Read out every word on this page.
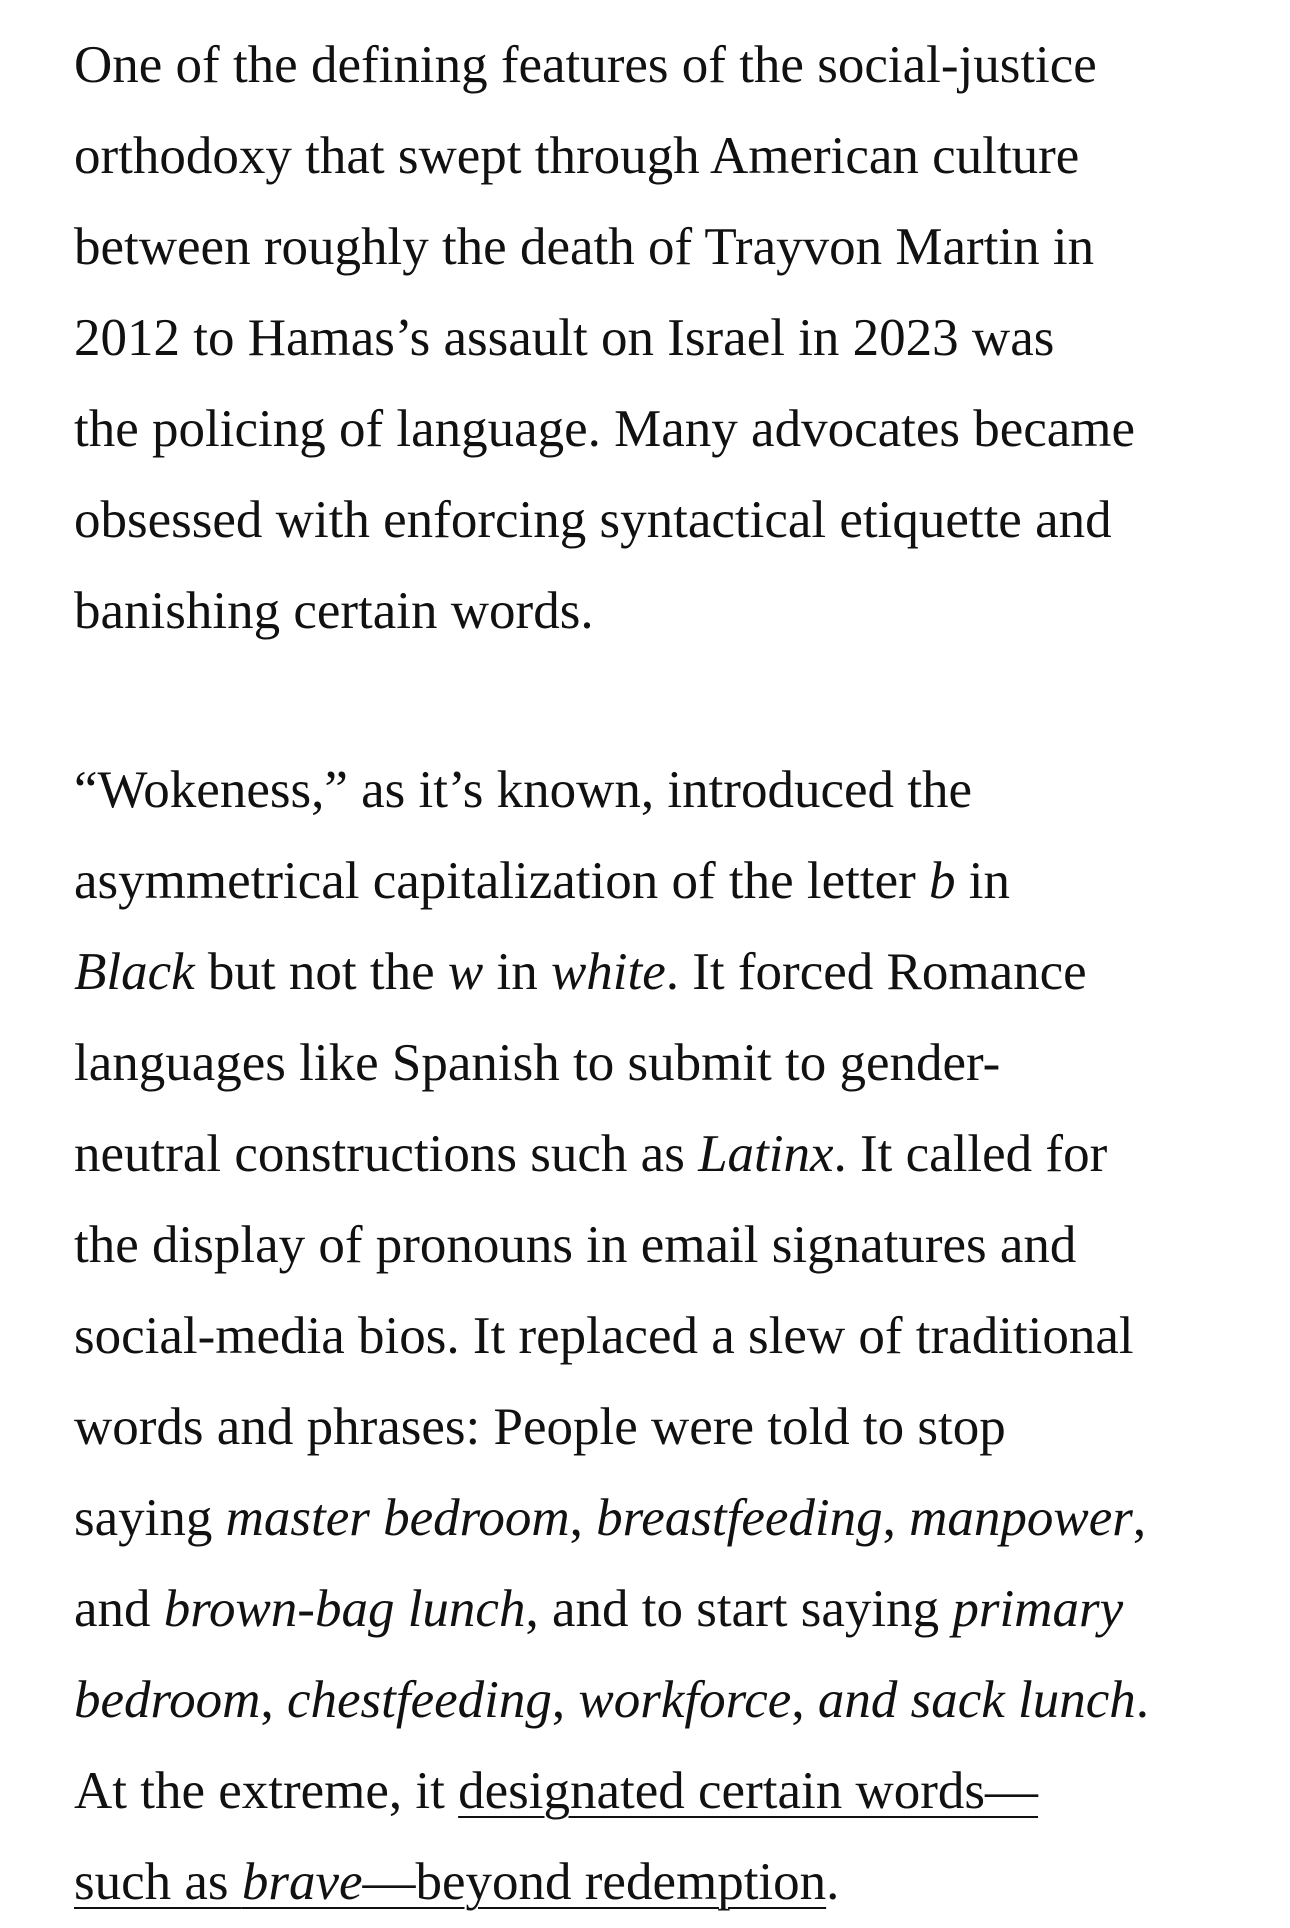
One of the defining features of the social-justice
orthodoxy that swept through American culture
between roughly the death of Trayvon Martin in
2012 to Hamas’s assault on Israel in 2023 was
the policing of language. Many advocates became
obsessed with enforcing syntactical etiquette and
banishing certain words.

“Wokeness,” as it’s known, introduced the
asymmetrical capitalization of the letter b in
Black but not the w in white. It forced Romance
languages like Spanish to submit to gender-
neutral constructions such as Latinx. It called for
the display of pronouns in email signatures and
social-media bios. It replaced a slew of traditional
words and phrases: People were told to stop
saying master bedroom, breastfeeding, manpower,
and brown-bag lunch, and to start saying primary
bedroom, chestfeeding, workforce, and sack lunch.
At the extreme, it designated certain words—
such as brave—beyond redemption.
